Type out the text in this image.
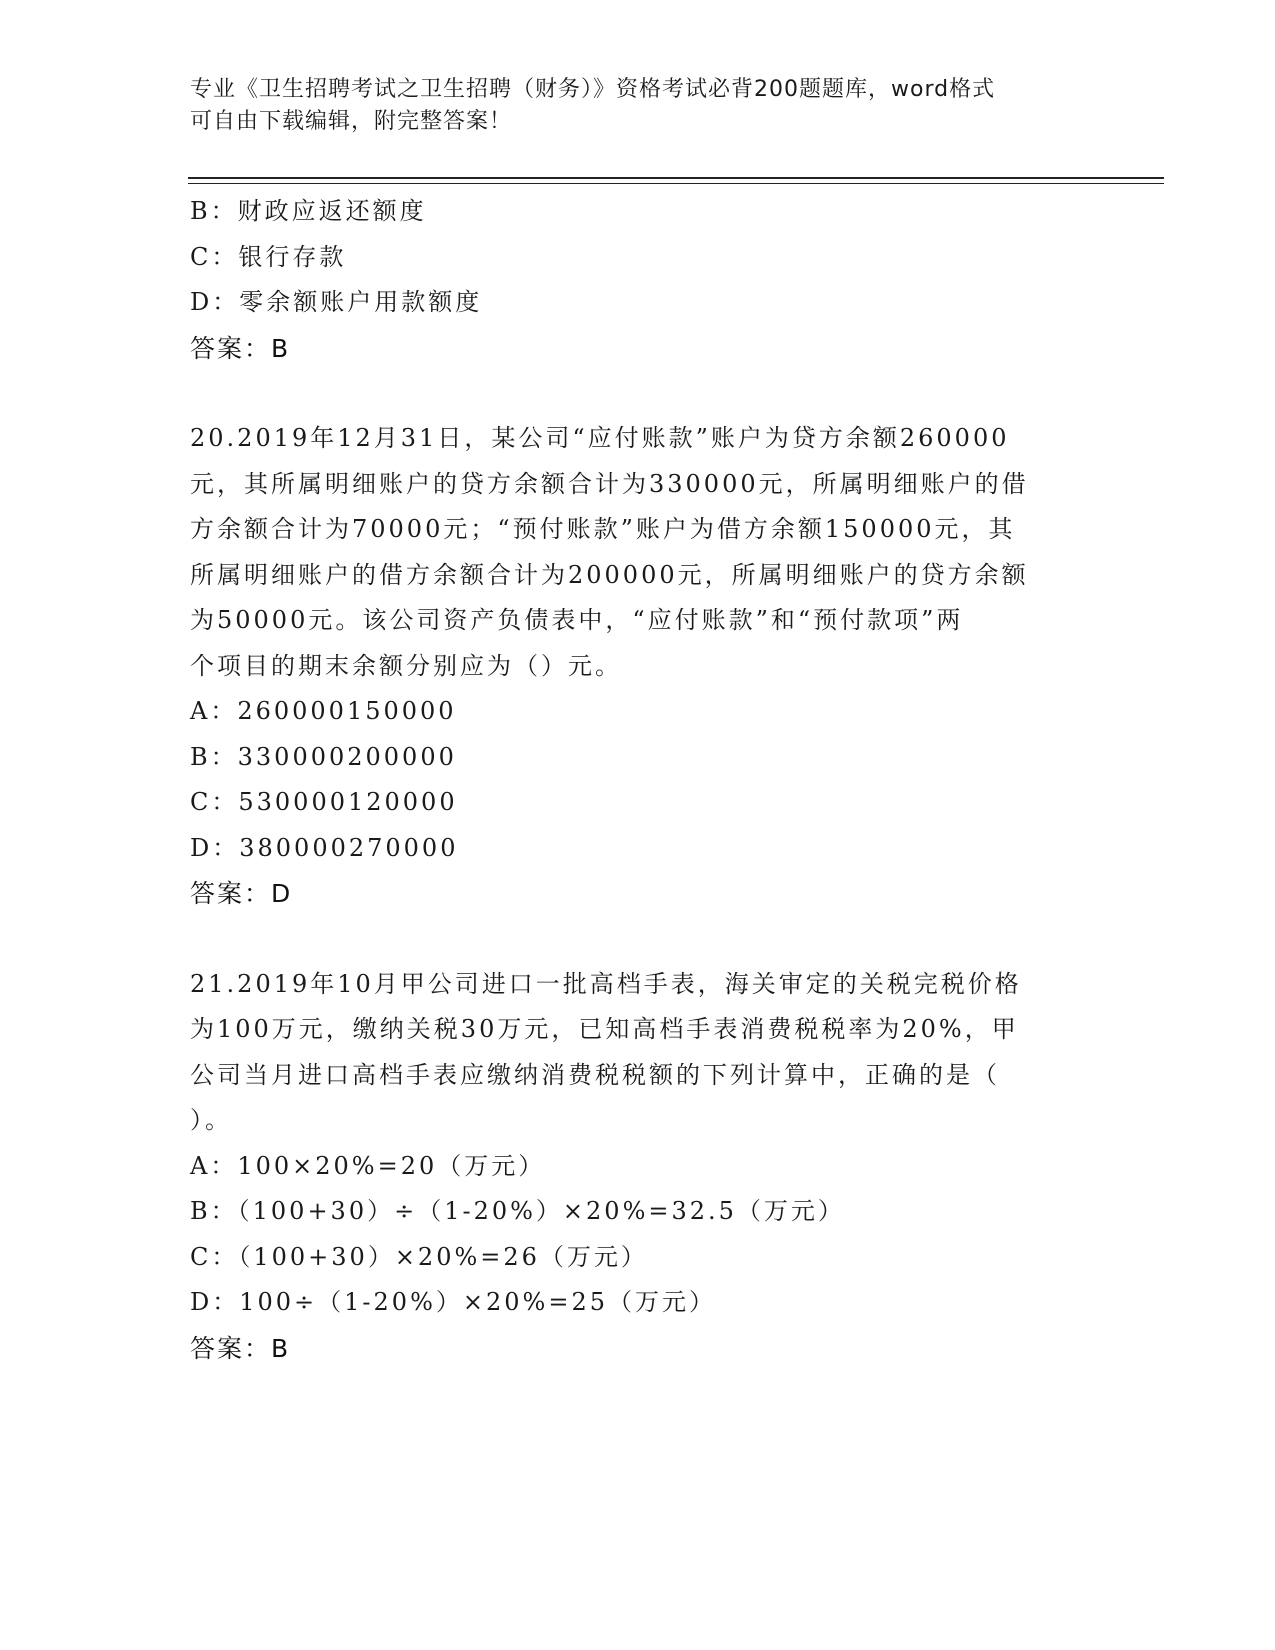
专业《卫生招聘考试之卫生招聘（财务）》资格考试必背200题题库，word格式
可自由下载编辑，附完整答案！
B：财政应返还额度
C：银行存款
D：零余额账户用款额度
答案：B
20.2019年12月31日，某公司“应付账款”账户为贷方余额260000
元，其所属明细账户的贷方余额合计为330000元，所属明细账户的借
方余额合计为70000元；“预付账款”账户为借方余额150000元，其
所属明细账户的借方余额合计为200000元，所属明细账户的贷方余额
为50000元。该公司资产负债表中，“应付账款”和“预付款项”两
个项目的期末余额分别应为（）元。
A：260000150000
B：330000200000
C：530000120000
D：380000270000
答案：D
21.2019年10月甲公司进口一批高档手表，海关审定的关税完税价格
为100万元，缴纳关税30万元，已知高档手表消费税税率为20%，甲
公司当月进口高档手表应缴纳消费税税额的下列计算中，正确的是（
）。
A：100×20%=20（万元）
B：（100+30）÷（1-20%）×20%=32.5（万元）
C：（100+30）×20%=26（万元）
D：100÷（1-20%）×20%=25（万元）
答案：B
